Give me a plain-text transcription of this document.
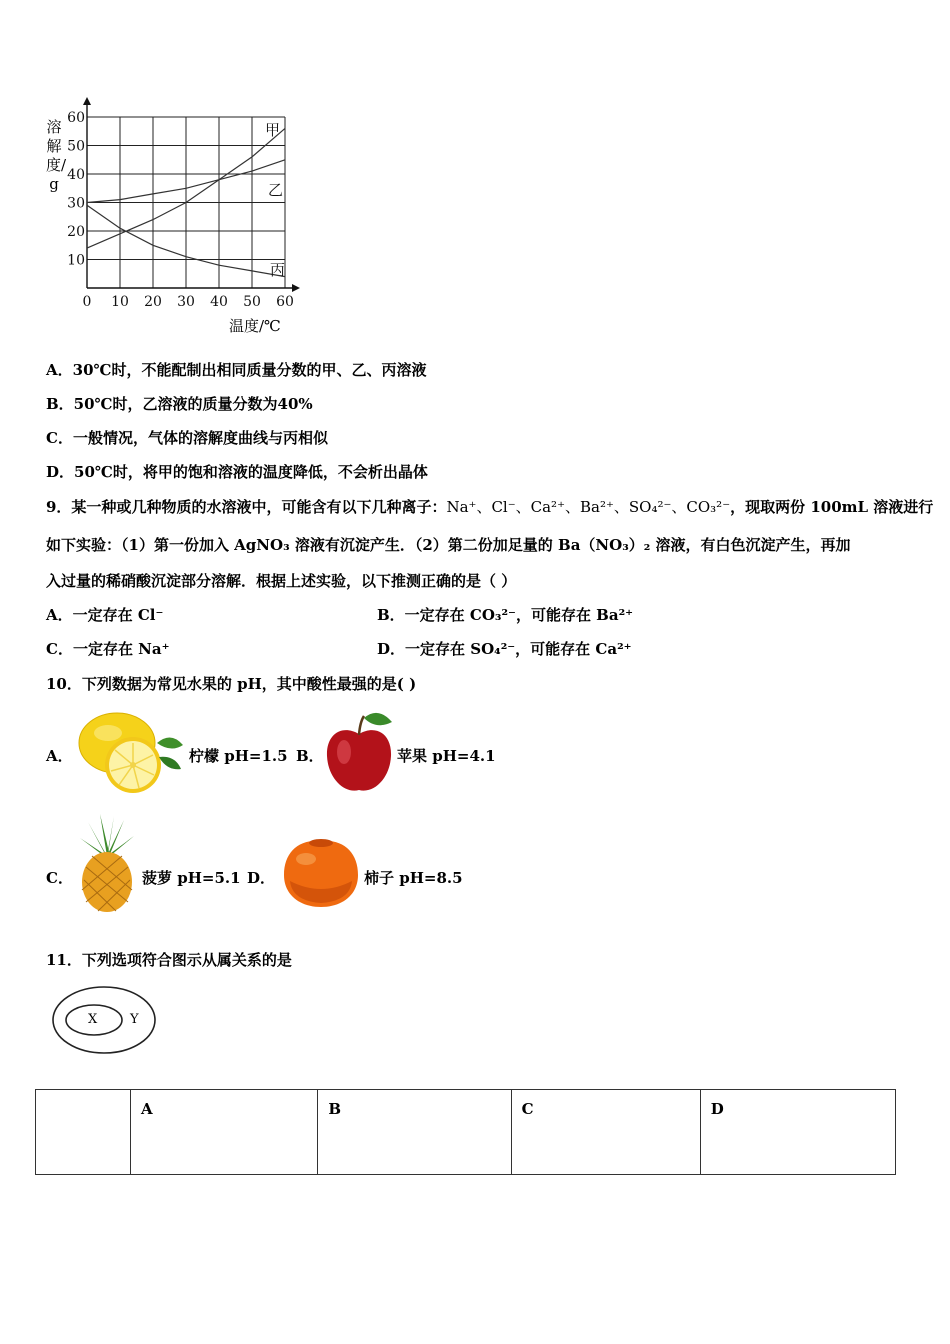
甲
乙
丙
0 10 20 30 40 50 60
10
20
30
40
50
60
溶解度/g
温度/℃
A．30℃时，不能配制出相同质量分数的甲、乙、丙溶液
B．50℃时，乙溶液的质量分数为40%
C．一般情况，气体的溶解度曲线与丙相似
D．50℃时，将甲的饱和溶液的温度降低，不会析出晶体
9．某一种或几种物质的水溶液中，可能含有以下几种离子：Na⁺、Cl⁻、Ca²⁺、Ba²⁺、SO₄²⁻、CO₃²⁻，现取两份 100mL 溶液进行
如下实验：（1）第一份加入 AgNO₃ 溶液有沉淀产生．（2）第二份加足量的 Ba（NO₃）₂ 溶液，有白色沉淀产生，再加
入过量的稀硝酸沉淀部分溶解．根据上述实验，以下推测正确的是（ ）
A．一定存在 Cl⁻	B．一定存在 CO₃²⁻，可能存在 Ba²⁺
C．一定存在 Na⁺	D．一定存在 SO₄²⁻，可能存在 Ca²⁺
10．下列数据为常见水果的 pH，其中酸性最强的是( )
A．	柠檬 pH=1.5 B．	苹果 pH=4.1
C．	菠萝 pH=5.1 D．	柿子 pH=8.5
11．下列选项符合图示从属关系的是
X	Y
	A	B	C	D
